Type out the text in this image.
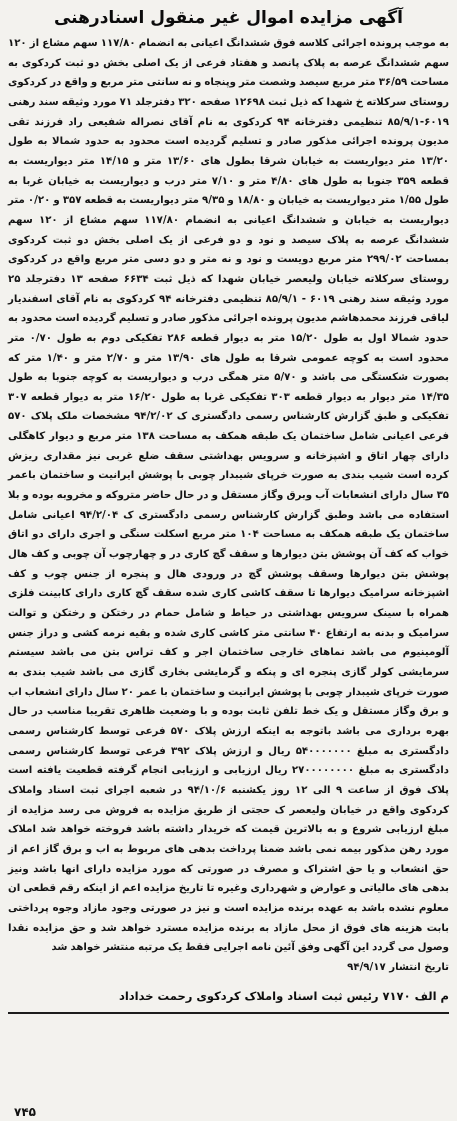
آگهی مزایده اموال غیر منقول اسنادرهنی

به موجب پرونده اجرائی کلاسه فوق ششدانگ اعیانی به انضمام ۱۱۷/۸۰ سهم مشاع از ۱۲۰ سهم ششدانگ عرصه به پلاک پانصد و هفتاد فرعی از یک اصلی بخش دو ثبت کردکوی به مساحت ۳۶/۵۹ متر مربع سیصد وشصت متر وپنجاه و نه سانتی متر مربع و واقع در کردکوی روستای سرکلاته خ شهدا که ذیل ثبت ۱۲۶۹۸ صفحه ۳۲۰ دفترجلد ۷۱ مورد وثیقه سند رهنی ۶۰۱۹-۸۵/۹/۱ تنظیمی دفترخانه ۹۴ کردکوی به نام آقای نصراله شفیعی راد فرزند تقی مدیون پرونده اجرائی مذکور صادر و تسلیم گردیده است محدود به حدود شمالا به طول ۱۳/۲۰ متر دیواریست به خیابان شرقا بطول های ۱۳/۶۰ متر و ۱۴/۱۵ متر دیواریست به قطعه ۳۵۹ جنوبا به طول های ۴/۸۰ متر و ۷/۱۰ متر درب و دیواریست به خیابان غربا به طول ۱/۵۵ متر دیواریست به خیابان و ۱۸/۸۰ و ۹/۳۵ متر دیواریست به قطعه ۳۵۷ و ۰/۲۰ متر دیواریست به خیابان و ششدانگ اعیانی به انضمام ۱۱۷/۸۰ سهم مشاع از ۱۲۰ سهم ششدانگ عرصه به پلاک سیصد و نود و دو فرعی از یک اصلی بخش دو ثبت کردکوی بمساحت ۲۹۹/۰۲ متر مربع دویست و نود و نه متر و دو دسی متر مربع واقع در کردکوی روستای سرکلاته خیابان ولیعصر خیابان شهدا که ذیل ثبت ۶۶۳۴ صفحه ۱۳ دفترجلد ۲۵ مورد وثیقه سند رهنی ۶۰۱۹ - ۸۵/۹/۱ تنظیمی دفترخانه ۹۴ کردکوی به نام آقای اسفندیار لیاقی فرزند محمدهاشم مدیون پرونده اجرائی مذکور صادر و تسلیم گردیده است محدود به حدود شمالا اول به طول ۱۵/۲۰ متر به دیوار قطعه ۲۸۶ تفکیکی دوم به طول ۰/۷۰ متر محدود است به کوچه عمومی شرقا به طول های ۱۳/۹۰ متر و ۲/۷۰ متر و ۱/۴۰ متر که بصورت شکستگی می باشد و ۵/۷۰ متر همگی درب و دیواریست به کوچه جنوبا به طول ۱۴/۳۵ متر دیوار به دیوار قطعه ۳۰۳ تفکیکی غربا به طول ۱۶/۲۰ متر به دیوار قطعه ۳۰۷ تفکیکی و طبق گزارش کارشناس رسمی دادگستری ک ۹۴/۲/۰۲ مشخصات ملک پلاک ۵۷۰ فرعی اعیانی شامل ساختمان یک طبقه همکف به مساحت ۱۳۸ متر مربع و دیوار کاهگلی دارای چهار اتاق و اشپزخانه و سرویس بهداشتی سقف ضلع غربی نیز مقداری ریزش کرده است شیب بندی به صورت خرپای شیبدار چوبی با پوشش ایرانیت و ساختمان باعمر ۳۵ سال دارای انشعابات آب وبرق وگاز مستقل و در حال حاضر متروکه و مخروبه بوده و بلا استفاده می باشد وطبق گزارش کارشناس رسمی دادگستری ک ۹۴/۲/۰۴ اعیانی شامل ساختمان یک طبقه همکف به مساحت ۱۰۴ متر مربع اسکلت سنگی و اجری دارای دو اتاق خواب که کف آن پوشش بتن دیوارها و سقف گچ کاری در و چهارچوب آن چوبی و کف هال پوشش بتن دیوارها وسقف پوشش گچ در ورودی هال و پنجره از جنس چوب و کف اشپزخانه سرامیک دیوارها تا سقف کاشی کاری شده سقف گچ کاری دارای کابینت فلزی همراه با سینک سرویس بهداشتی در حیاط و شامل حمام در رختکن و رختکن و توالت سرامیک و بدنه به ارتفاع ۴۰ سانتی متر کاشی کاری شده و بقیه نرمه کشی و دراز جنس آلومینیوم می باشد نماهای خارجی ساختمان اجر و کف تراس بتن می باشد سیستم سرمایشی کولر گازی پنجره ای و پنکه و گرمایشی بخاری گازی می باشد شیب بندی به صورت خرپای شیبدار چوبی با پوشش ایرانیت و ساختمان با عمر ۲۰ سال دارای انشعاب اب و برق وگاز مستقل و یک خط تلفن ثابت بوده و با وضعیت ظاهری تقریبا مناسب در حال بهره برداری می باشد باتوجه به اینکه ارزش پلاک ۵۷۰ فرعی توسط کارشناس رسمی دادگستری به مبلغ ۵۴۰۰۰۰۰۰۰ ریال و ارزش پلاک ۳۹۲ فرعی توسط کارشناس رسمی دادگستری به مبلغ ۲۷۰۰۰۰۰۰۰۰ ریال ارزیابی و ارزیابی انجام گرفته قطعیت یافته است پلاک فوق از ساعت ۹ الی ۱۲ روز یکشنبه ۹۴/۱۰/۶ در شعبه اجرای ثبت اسناد واملاک کردکوی واقع در خیابان ولیعصر ک حجتی از طریق مزایده به فروش می رسد مزایده از مبلغ ارزیابی شروع و به بالاترین قیمت که خریدار داشته باشد فروخته خواهد شد املاک مورد رهن مذکور بیمه نمی باشد ضمنا پرداخت بدهی های مربوط به اب و برق گاز اعم از حق انشعاب و یا حق اشتراک و مصرف در صورتی که مورد مزایده دارای انها باشد ونیز بدهی های مالیاتی و عوارض و شهرداری وغیره تا تاریخ مزایده اعم از اینکه رقم قطعی ان معلوم نشده باشد به عهده برنده مزایده است و نیز در صورتی وجود مازاد وجوه پرداختی بابت هزینه های فوق از محل مازاد به برنده مزایده مسترد خواهد شد و حق مزایده نقدا وصول می گردد این آگهی وفق آئین نامه اجرایی فقط یک مرتبه منتشر خواهد شد

تاریخ انتشار ۹۴/۹/۱۷

م الف ۷۱۷۰ رئیس ثبت اسناد واملاک کردکوی رحمت خداداد

۷۴۵
